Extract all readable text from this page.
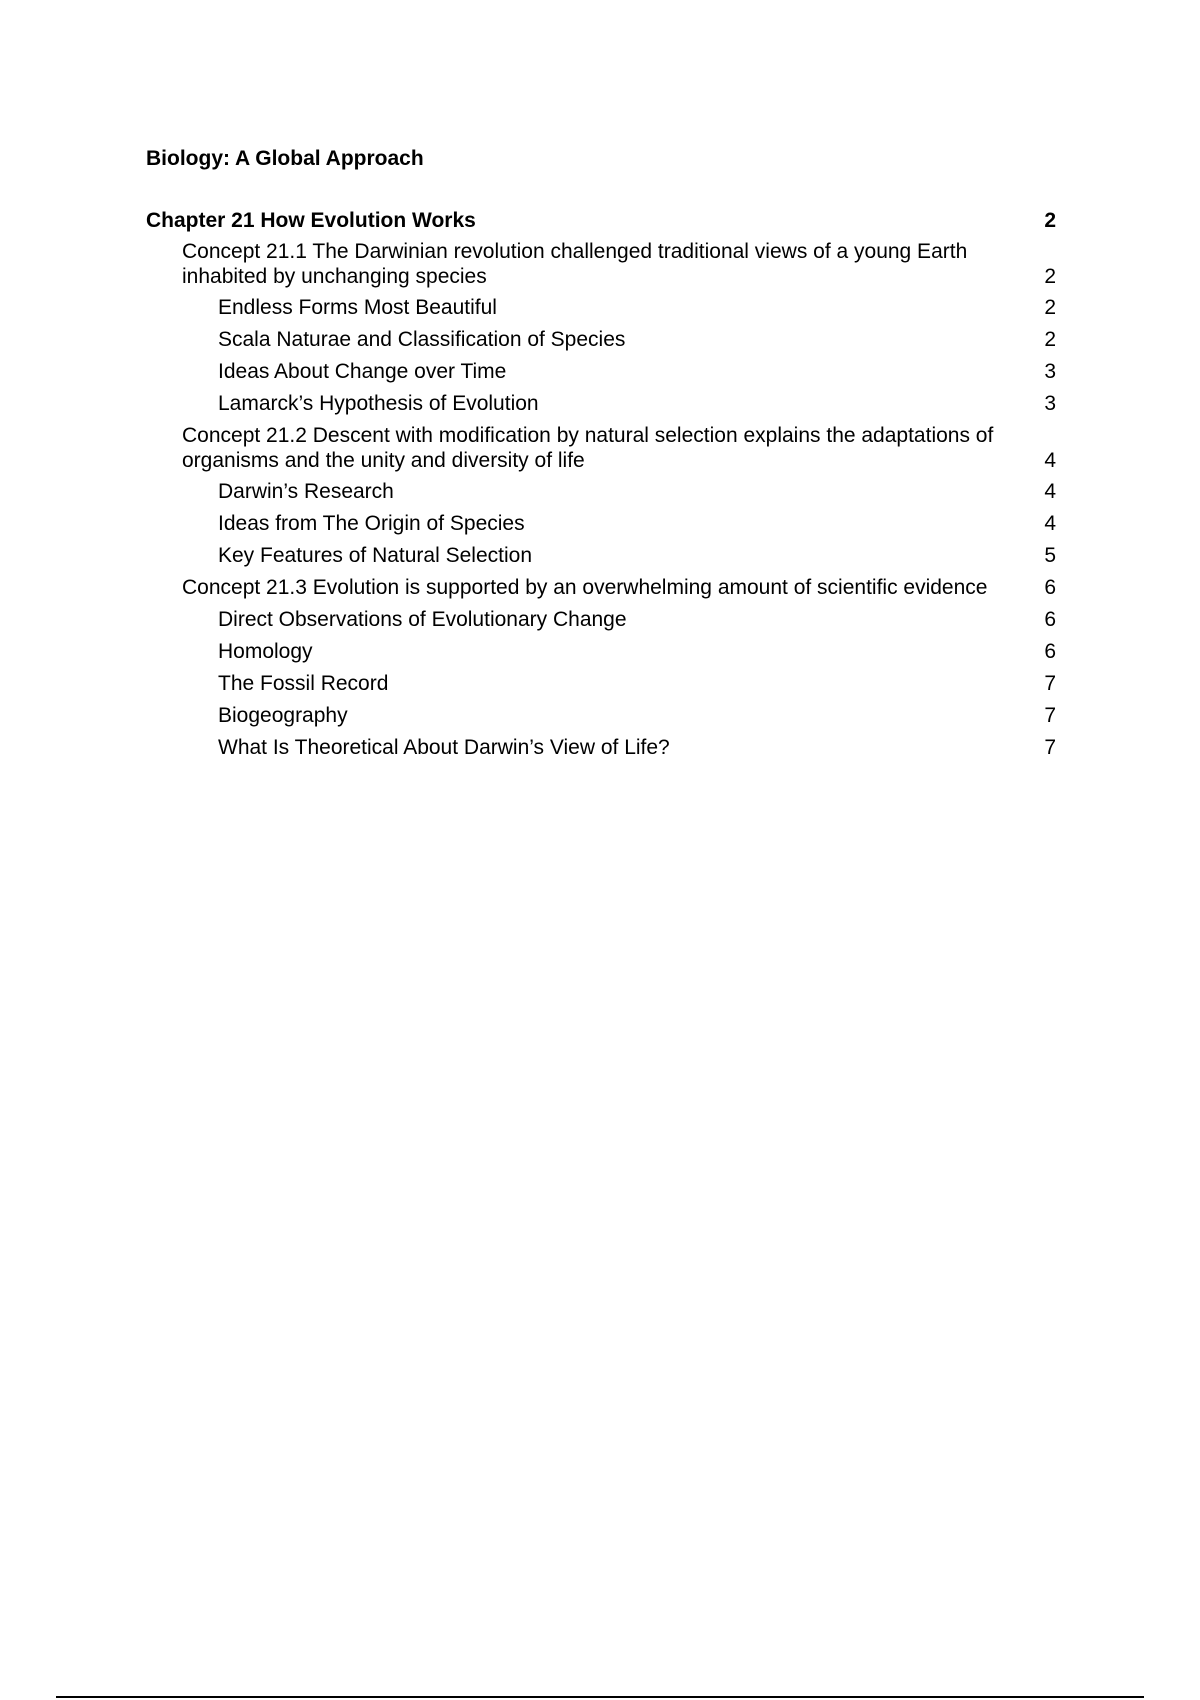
Biology: A Global Approach
Chapter 21 How Evolution Works	2
Concept 21.1 The Darwinian revolution challenged traditional views of a young Earth inhabited by unchanging species	2
Endless Forms Most Beautiful	2
Scala Naturae and Classification of Species	2
Ideas About Change over Time	3
Lamarck’s Hypothesis of Evolution	3
Concept 21.2 Descent with modification by natural selection explains the adaptations of organisms and the unity and diversity of life	4
Darwin’s Research	4
Ideas from The Origin of Species	4
Key Features of Natural Selection	5
Concept 21.3 Evolution is supported by an overwhelming amount of scientific evidence	6
Direct Observations of Evolutionary Change	6
Homology	6
The Fossil Record	7
Biogeography	7
What Is Theoretical About Darwin’s View of Life?	7
